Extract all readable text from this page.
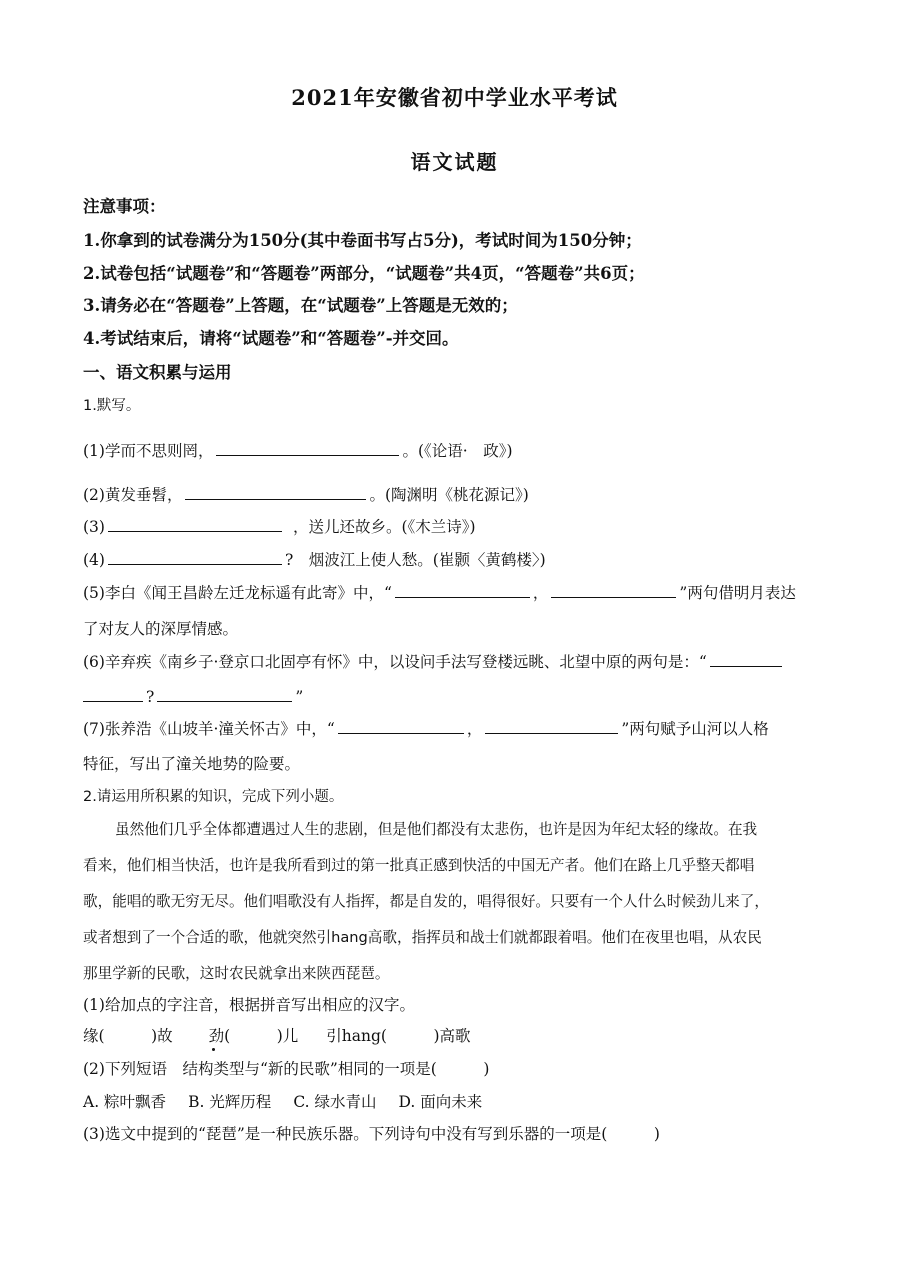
2021年安徽省初中学业水平考试
语文试题
注意事项：
1.你拿到的试卷满分为150分(其中卷面书写占5分)，考试时间为150分钟；
2.试卷包括“试题卷”和“答题卷”两部分，“试题卷”共4页，“答题卷”共6页；
3.请务必在“答题卷”上答题，在“试题卷”上答题是无效的；
4.考试结束后，请将“试题卷”和“答题卷”-并交回。
一、语文积累与运用
1.默写。
(1)学而不思则罔，	。(《论语·　政》)
(2)黄发垂髫，	。(陶渊明《桃花源记》)
(3)	，送儿还故乡。(《木兰诗》)
(4)	?　烟波江上使人愁。(崔颢〈黄鹤楼〉)
(5)李白《闻王昌龄左迁龙标遥有此寄》中，“	，	”两句借明月表达
了对友人的深厚情感。
(6)辛弃疾《南乡子·登京口北固亭有怀》中，以设问手法写登楼远眺、北望中原的两句是：“
?	”
(7)张养浩《山坡羊·潼关怀古》中，“	，	”两句赋予山河以人格
特征，写出了潼关地势的险要。
2.请运用所积累的知识，完成下列小题。

虽然他们几乎全体都遭遇过人生的悲剧，但是他们都没有太悲伤，也许是因为年纪太轻的缘故。在我

看来，他们相当快活，也许是我所看到过的第一批真正感到快活的中国无产者。他们在路上几乎整天都唱

歌，能唱的歌无穷无尽。他们唱歌没有人指挥，都是自发的，唱得很好。只要有一个人什么时候劲儿来了，

或者想到了一个合适的歌，他就突然引hang高歌，指挥员和战士们就都跟着唱。他们在夜里也唱，从农民

那里学新的民歌，这时农民就拿出来陕西琵琶。

(1)给加点的字注音，根据拼音写出相应的汉字。
缘(　　　)故 劲(　　　)儿 引hang(　　　)高歌
(2)下列短语　结构类型与“新的民歌”相同的一项是(　　　)
A. 粽叶飘香 B. 光辉历程 C. 绿水青山 D. 面向未来
(3)选文中提到的“琵琶”是一种民族乐器。下列诗句中没有写到乐器的一项是(　　　)
